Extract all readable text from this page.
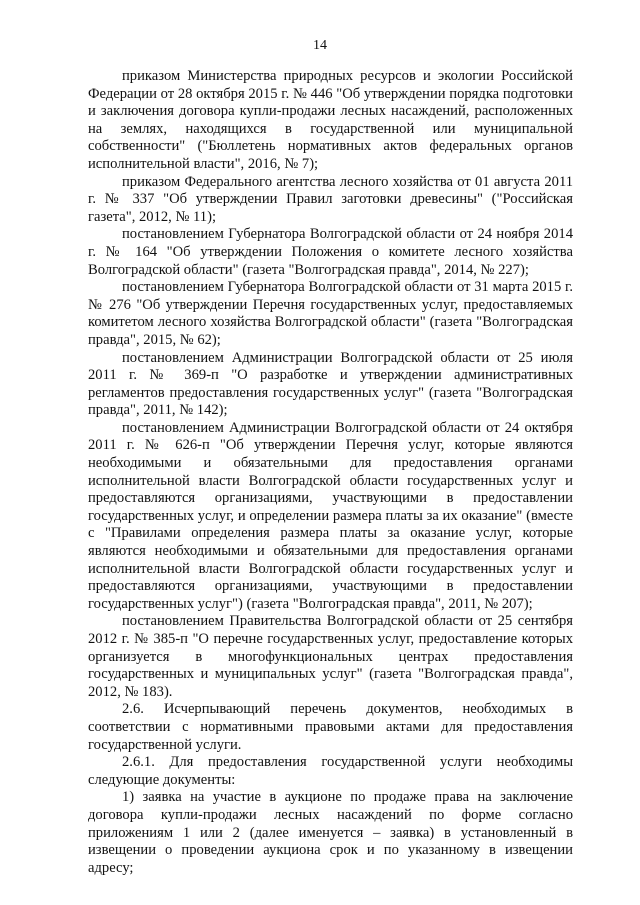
14

приказом Министерства природных ресурсов и экологии Российской Федерации от 28 октября 2015 г. № 446 "Об утверждении порядка подготовки и заключения договора купли-продажи лесных насаждений, расположенных на землях, находящихся в государственной или муниципальной собственности" ("Бюллетень нормативных актов федеральных органов исполнительной власти", 2016, № 7);

приказом Федерального агентства лесного хозяйства от 01 августа 2011 г. № 337 "Об утверждении Правил заготовки древесины" ("Российская газета", 2012, № 11);

постановлением Губернатора Волгоградской области от 24 ноября 2014 г. № 164 "Об утверждении Положения о комитете лесного хозяйства Волгоградской области" (газета "Волгоградская правда", 2014, № 227);

постановлением Губернатора Волгоградской области от 31 марта 2015 г. № 276 "Об утверждении Перечня государственных услуг, предоставляемых комитетом лесного хозяйства Волгоградской области" (газета "Волгоградская правда", 2015, № 62);

постановлением Администрации Волгоградской области от 25 июля 2011 г. № 369-п "О разработке и утверждении административных регламентов предоставления государственных услуг" (газета "Волгоградская правда", 2011, № 142);

постановлением Администрации Волгоградской области от 24 октября 2011 г. № 626-п "Об утверждении Перечня услуг, которые являются необходимыми и обязательными для предоставления органами исполнительной власти Волгоградской области государственных услуг и предоставляются организациями, участвующими в предоставлении государственных услуг, и определении размера платы за их оказание" (вместе с "Правилами определения размера платы за оказание услуг, которые являются необходимыми и обязательными для предоставления органами исполнительной власти Волгоградской области государственных услуг и предоставляются организациями, участвующими в предоставлении государственных услуг") (газета "Волгоградская правда", 2011, № 207);

постановлением Правительства Волгоградской области от 25 сентября 2012 г. № 385-п "О перечне государственных услуг, предоставление которых организуется в многофункциональных центрах предоставления государственных и муниципальных услуг" (газета "Волгоградская правда", 2012, № 183).

2.6. Исчерпывающий перечень документов, необходимых в соответствии с нормативными правовыми актами для предоставления государственной услуги.

2.6.1. Для предоставления государственной услуги необходимы следующие документы:

1) заявка на участие в аукционе по продаже права на заключение договора купли-продажи лесных насаждений по форме согласно приложениям 1 или 2 (далее именуется – заявка) в установленный в извещении о проведении аукциона срок и по указанному в извещении адресу;
